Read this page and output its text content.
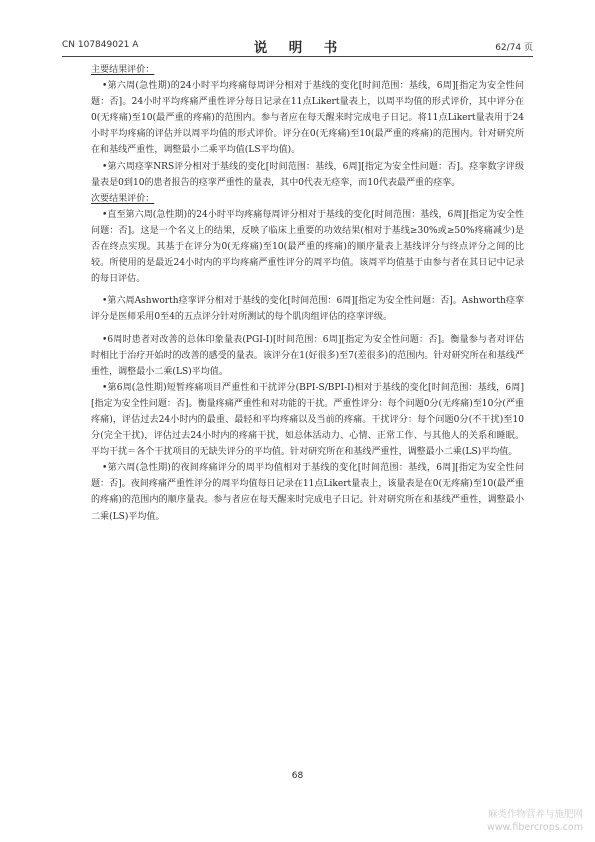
CN 107849021 A	说　明　书	62/74 页

主要结果评价：

•第六周(急性期)的24小时平均疼痛每周评分相对于基线的变化[时间范围：基线，6周][指定为安全性问题：否]。24小时平均疼痛严重性评分每日记录在11点Likert量表上，以周平均值的形式评价，其中评分在0(无疼痛)至10(最严重的疼痛)的范围内。参与者应在每天醒来时完成电子日记。将11点Likert量表用于24小时平均疼痛的评估并以周平均值的形式评价。评分在0(无疼痛)至10(最严重的疼痛)的范围内。针对研究所在和基线严重性，调整最小二乘平均值(LS平均值)。

•第六周痉挛NRS评分相对于基线的变化[时间范围：基线，6周][指定为安全性问题：否]。痉挛数字评级量表是0到10的患者报告的痉挛严重性的量表，其中0代表无痉挛，而10代表最严重的痉挛。

次要结果评价：

•直至第六周(急性期)的24小时平均疼痛每周评分相对于基线的变化[时间范围：基线，6周][指定为安全性问题：否]。这是一个名义上的结果，反映了临床上重要的功效结果(相对于基线≥30%或≥50%疼痛减少)是否在终点实现。其基于在评分为0(无疼痛)至10(最严重的疼痛)的顺序量表上基线评分与终点评分之间的比较。所使用的是最近24小时内的平均疼痛严重性评分的周平均值。该周平均值基于由参与者在其日记中记录的每日评估。

•第六周Ashworth痉挛评分相对于基线的变化[时间范围：6周][指定为安全性问题：否]。Ashworth痉挛评分是医师采用0至4的五点评分针对所测试的每个肌肉组评估的痉挛评级。

•6周时患者对改善的总体印象量表(PGI-I)[时间范围：6周][指定为安全性问题：否]。衡量参与者对评估时相比于治疗开始时的改善的感受的量表。该评分在1(好很多)至7(差很多)的范围内。针对研究所在和基线严重性，调整最小二乘(LS)平均值。

•第6周(急性期)短暂疼痛项目严重性和干扰评分(BPI-S/BPI-I)相对于基线的变化[时间范围：基线，6周][指定为安全性问题：否]。衡量疼痛严重性和对功能的干扰。严重性评分：每个问题0分(无疼痛)至10分(严重疼痛)，评估过去24小时内的最重、最轻和平均疼痛以及当前的疼痛。干扰评分：每个问题0分(不干扰)至10分(完全干扰)，评估过去24小时内的疼痛干扰，如总体活动力、心情、正常工作、与其他人的关系和睡眠。平均干扰＝各个干扰项目的无缺失评分的平均值。针对研究所在和基线严重性，调整最小二乘(LS)平均值。

•第六周(急性期)的夜间疼痛评分的周平均值相对于基线的变化[时间范围：基线，6周][指定为安全性问题：否]。夜间疼痛严重性评分的周平均值每日记录在11点Likert量表上，该量表是在0(无疼痛)至10(最严重的疼痛)的范围内的顺序量表。参与者应在每天醒来时完成电子日记。针对研究所在和基线严重性，调整最小二乘(LS)平均值。

68
麻类作物营养与施肥网
www.fibercrops.com
